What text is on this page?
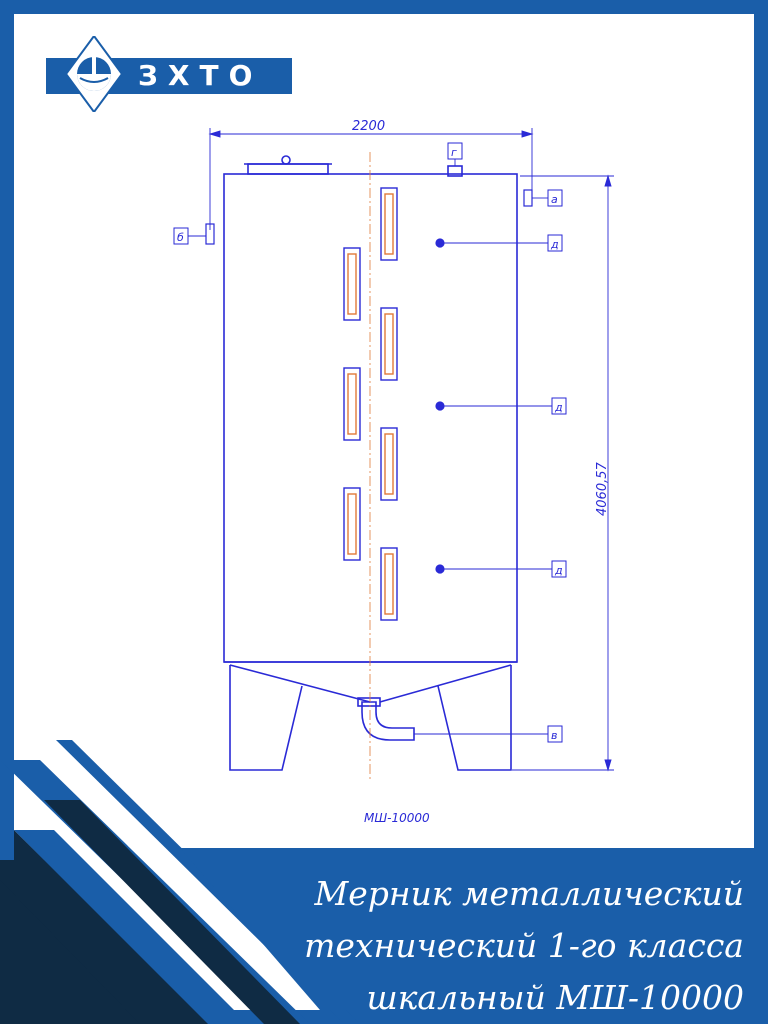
2200
4060,57
МШ-10000
а
б
г
д
д
д
в
ЗХТО
Мерник металлический
технический 1-го класса
шкальный МШ-10000
